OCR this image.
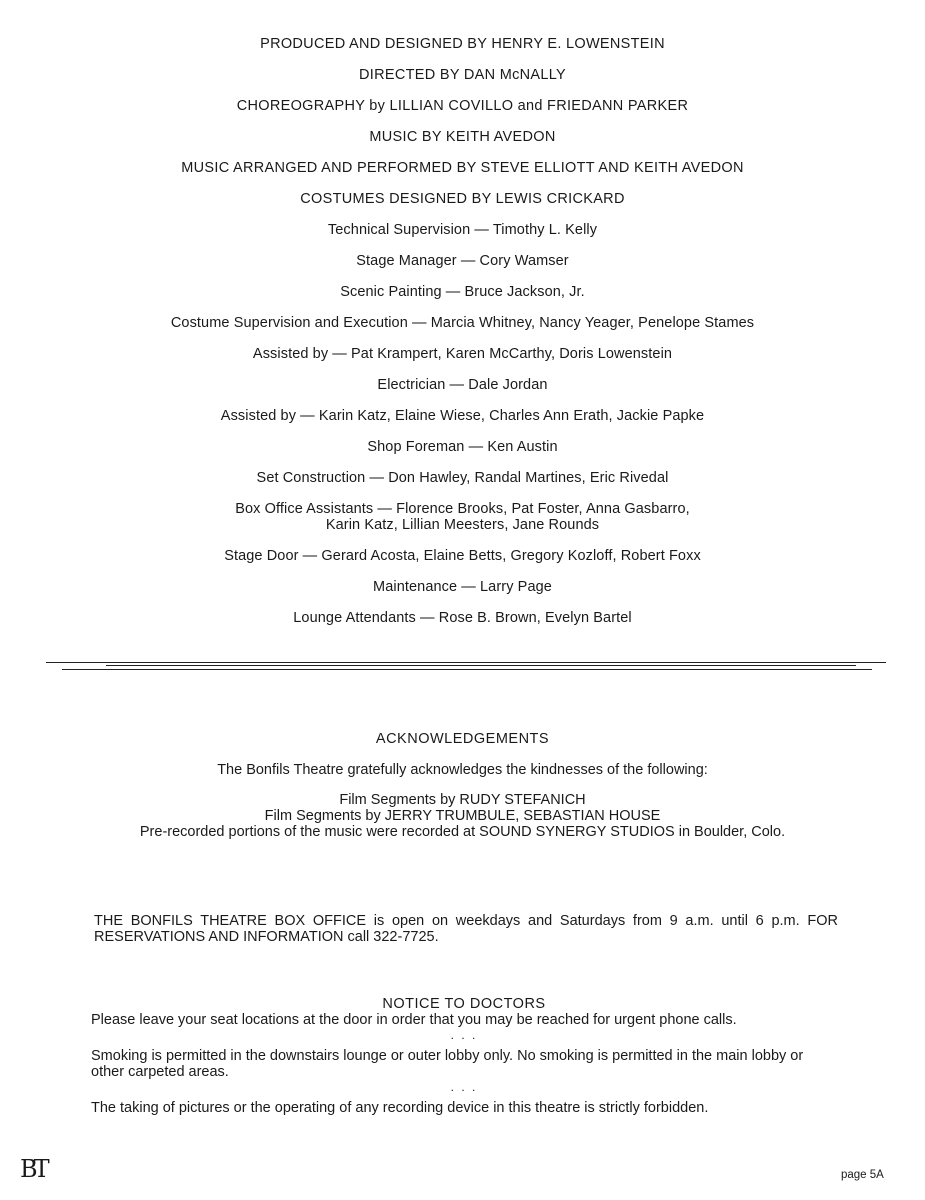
PRODUCED AND DESIGNED BY HENRY E. LOWENSTEIN
DIRECTED BY DAN McNALLY
CHOREOGRAPHY by LILLIAN COVILLO and FRIEDANN PARKER
MUSIC BY KEITH AVEDON
MUSIC ARRANGED AND PERFORMED BY STEVE ELLIOTT AND KEITH AVEDON
COSTUMES DESIGNED BY LEWIS CRICKARD
Technical Supervision — Timothy L. Kelly
Stage Manager — Cory Wamser
Scenic Painting — Bruce Jackson, Jr.
Costume Supervision and Execution — Marcia Whitney, Nancy Yeager, Penelope Stames
Assisted by — Pat Krampert, Karen McCarthy, Doris Lowenstein
Electrician — Dale Jordan
Assisted by — Karin Katz, Elaine Wiese, Charles Ann Erath, Jackie Papke
Shop Foreman — Ken Austin
Set Construction — Don Hawley, Randal Martines, Eric Rivedal
Box Office Assistants — Florence Brooks, Pat Foster, Anna Gasbarro,
Karin Katz, Lillian Meesters, Jane Rounds
Stage Door — Gerard Acosta, Elaine Betts, Gregory Kozloff, Robert Foxx
Maintenance — Larry Page
Lounge Attendants — Rose B. Brown, Evelyn Bartel
ACKNOWLEDGEMENTS
The Bonfils Theatre gratefully acknowledges the kindnesses of the following:
Film Segments by RUDY STEFANICH
Film Segments by JERRY TRUMBULE, SEBASTIAN HOUSE
Pre-recorded portions of the music were recorded at SOUND SYNERGY STUDIOS in Boulder, Colo.
THE BONFILS THEATRE BOX OFFICE is open on weekdays and Saturdays from 9 a.m. until 6 p.m. FOR RESERVATIONS AND INFORMATION call 322-7725.
NOTICE TO DOCTORS

Please leave your seat locations at the door in order that you may be reached for urgent phone calls.

. . .

Smoking is permitted in the downstairs lounge or outer lobby only. No smoking is permitted in the main lobby or other carpeted areas.

. . .

The taking of pictures or the operating of any recording device in this theatre is strictly forbidden.

BT	page 5A
